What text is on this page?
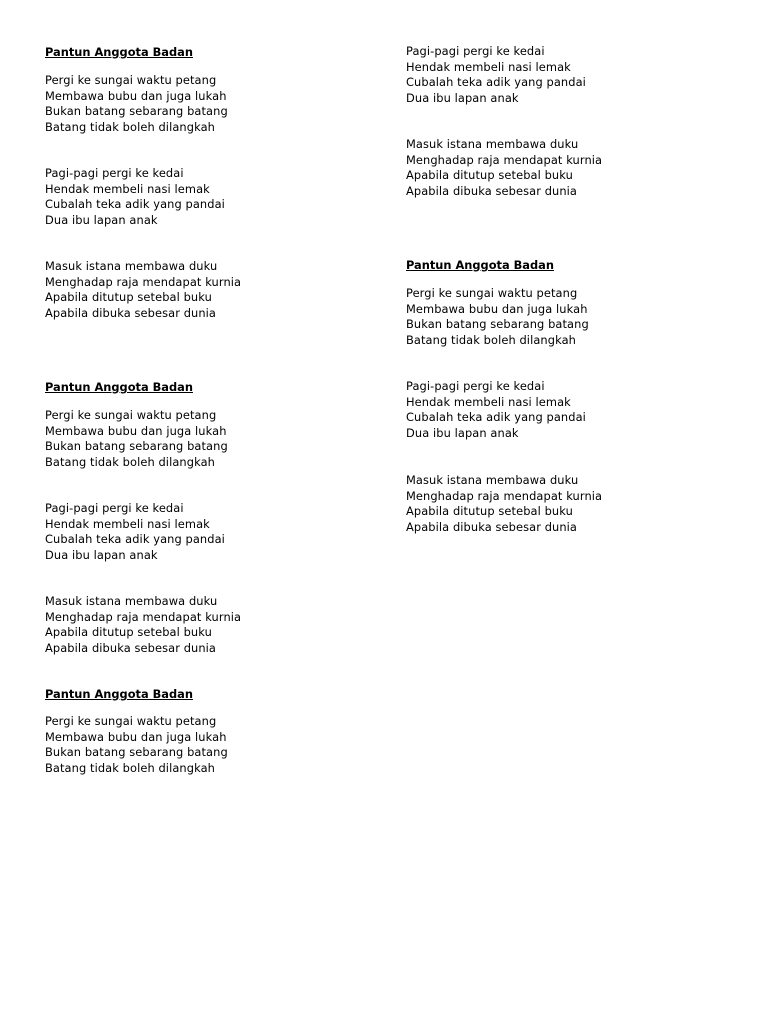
Pantun Anggota Badan
Pergi ke sungai waktu petang
Membawa bubu dan juga lukah
Bukan batang sebarang batang
Batang tidak boleh dilangkah
Pagi-pagi pergi ke kedai
Hendak membeli nasi lemak
Cubalah teka adik yang pandai
Dua ibu lapan anak
Masuk istana membawa duku
Menghadap raja mendapat kurnia
Apabila ditutup setebal buku
Apabila dibuka sebesar dunia
Pantun Anggota Badan
Pergi ke sungai waktu petang
Membawa bubu dan juga lukah
Bukan batang sebarang batang
Batang tidak boleh dilangkah
Pagi-pagi pergi ke kedai
Hendak membeli nasi lemak
Cubalah teka adik yang pandai
Dua ibu lapan anak
Masuk istana membawa duku
Menghadap raja mendapat kurnia
Apabila ditutup setebal buku
Apabila dibuka sebesar dunia
Pantun Anggota Badan
Pergi ke sungai waktu petang
Membawa bubu dan juga lukah
Bukan batang sebarang batang
Batang tidak boleh dilangkah
Pagi-pagi pergi ke kedai
Hendak membeli nasi lemak
Cubalah teka adik yang pandai
Dua ibu lapan anak
Masuk istana membawa duku
Menghadap raja mendapat kurnia
Apabila ditutup setebal buku
Apabila dibuka sebesar dunia
Pantun Anggota Badan
Pergi ke sungai waktu petang
Membawa bubu dan juga lukah
Bukan batang sebarang batang
Batang tidak boleh dilangkah
Pagi-pagi pergi ke kedai
Hendak membeli nasi lemak
Cubalah teka adik yang pandai
Dua ibu lapan anak
Masuk istana membawa duku
Menghadap raja mendapat kurnia
Apabila ditutup setebal buku
Apabila dibuka sebesar dunia
